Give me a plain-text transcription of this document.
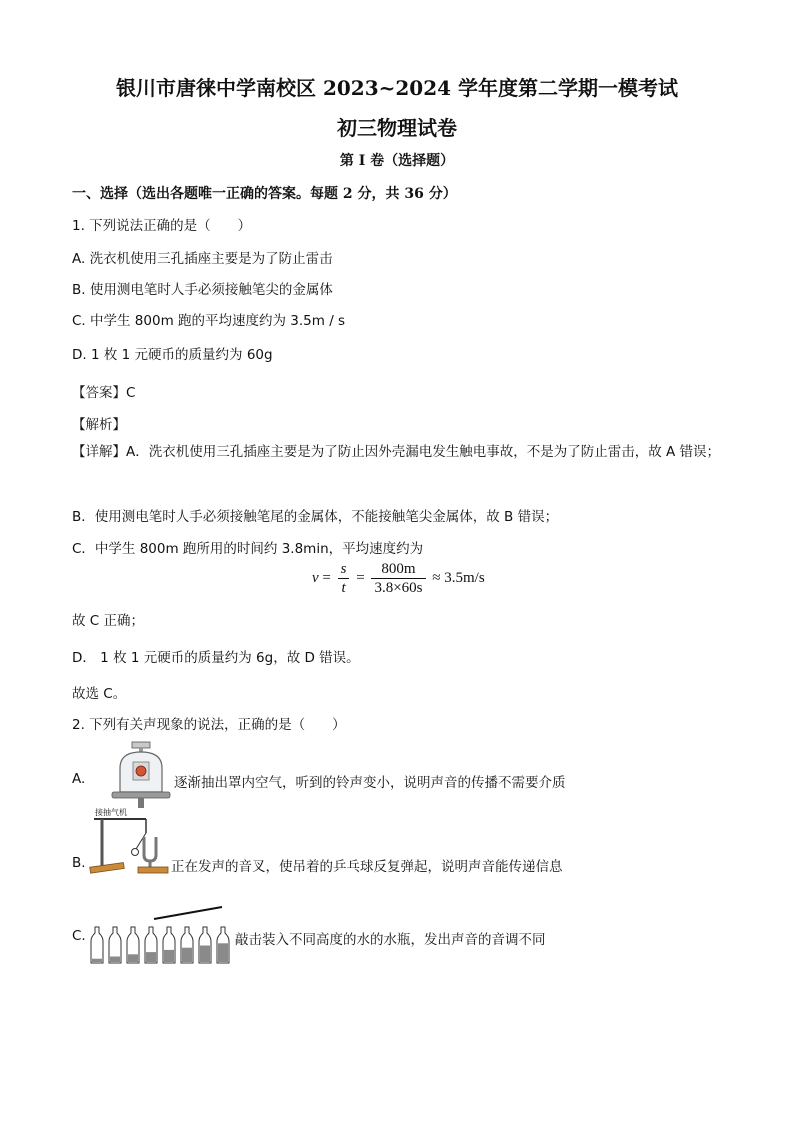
银川市唐徕中学南校区 2023~2024 学年度第二学期一模考试
初三物理试卷
第 I 卷（选择题）
一、选择（选出各题唯一正确的答案。每题 2 分，共 36 分）
1. 下列说法正确的是（　　）
A. 洗衣机使用三孔插座主要是为了防止雷击
B. 使用测电笔时人手必须接触笔尖的金属体
C. 中学生 800m 跑的平均速度约为 3.5m / s
D. 1 枚 1 元硬币的质量约为 60g
【答案】C
【解析】
【详解】A．洗衣机使用三孔插座主要是为了防止因外壳漏电发生触电事故，不是为了防止雷击，故 A 错误；
B．使用测电笔时人手必须接触笔尾的金属体，不能接触笔尖金属体，故 B 错误；
C．中学生 800m 跑所用的时间约 3.8min，平均速度约为
$v = \frac{s}{t} = \frac{800m}{3.8\times 60s} \approx 3.5m/s$
故 C 正确；
D． 1 枚 1 元硬币的质量约为 6g，故 D 错误。
故选 C。
2. 下列有关声现象的说法，正确的是（　　）
A.	逐渐抽出罩内空气，听到的铃声变小，说明声音的传播不需要介质
接抽气机
B.	正在发声的音叉，使吊着的乒乓球反复弹起，说明声音能传递信息
C.	敲击装入不同高度的水的水瓶，发出声音的音调不同
